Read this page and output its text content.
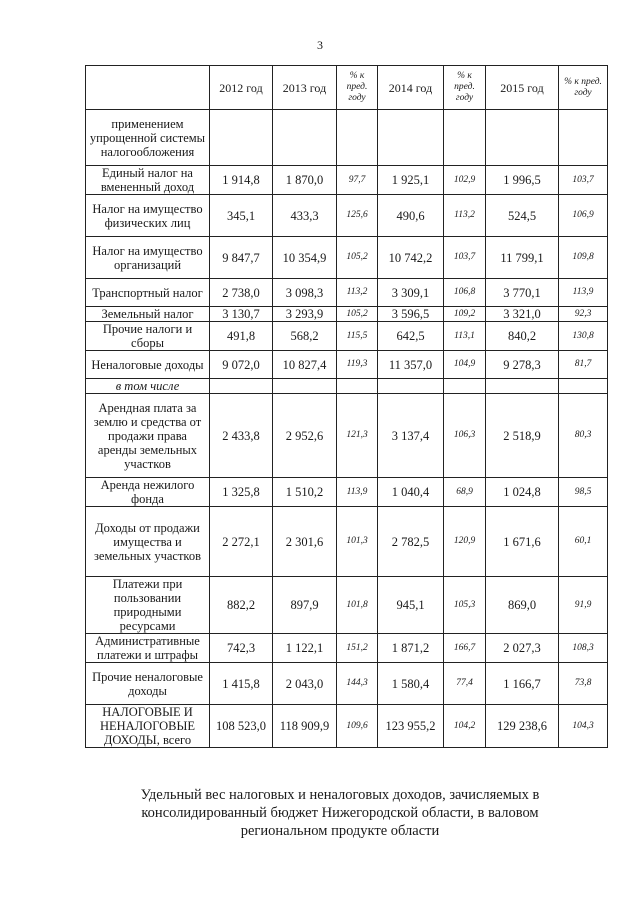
3
	2012 год	2013 год	% к пред. году	2014 год	% к пред. году	2015 год	% к пред. году
применением упрощенной системы налогообложения							
Единый налог на вмененный доход	1 914,8	1 870,0	97,7	1 925,1	102,9	1 996,5	103,7
Налог на имущество физических лиц	345,1	433,3	125,6	490,6	113,2	524,5	106,9
Налог на имущество организаций	9 847,7	10 354,9	105,2	10 742,2	103,7	11 799,1	109,8
Транспортный налог	2 738,0	3 098,3	113,2	3 309,1	106,8	3 770,1	113,9
Земельный налог	3 130,7	3 293,9	105,2	3 596,5	109,2	3 321,0	92,3
Прочие налоги и сборы	491,8	568,2	115,5	642,5	113,1	840,2	130,8
Неналоговые доходы	9 072,0	10 827,4	119,3	11 357,0	104,9	9 278,3	81,7
в том числе							
Арендная плата за землю и средства от продажи права аренды земельных участков	2 433,8	2 952,6	121,3	3 137,4	106,3	2 518,9	80,3
Аренда нежилого фонда	1 325,8	1 510,2	113,9	1 040,4	68,9	1 024,8	98,5
Доходы от продажи имущества и земельных участков	2 272,1	2 301,6	101,3	2 782,5	120,9	1 671,6	60,1
Платежи при пользовании природными ресурсами	882,2	897,9	101,8	945,1	105,3	869,0	91,9
Административные платежи и штрафы	742,3	1 122,1	151,2	1 871,2	166,7	2 027,3	108,3
Прочие неналоговые доходы	1 415,8	2 043,0	144,3	1 580,4	77,4	1 166,7	73,8
НАЛОГОВЫЕ И НЕНАЛОГОВЫЕ ДОХОДЫ, всего	108 523,0	118 909,9	109,6	123 955,2	104,2	129 238,6	104,3
Удельный вес налоговых и неналоговых доходов, зачисляемых в консолидированный бюджет Нижегородской области, в валовом региональном продукте области
